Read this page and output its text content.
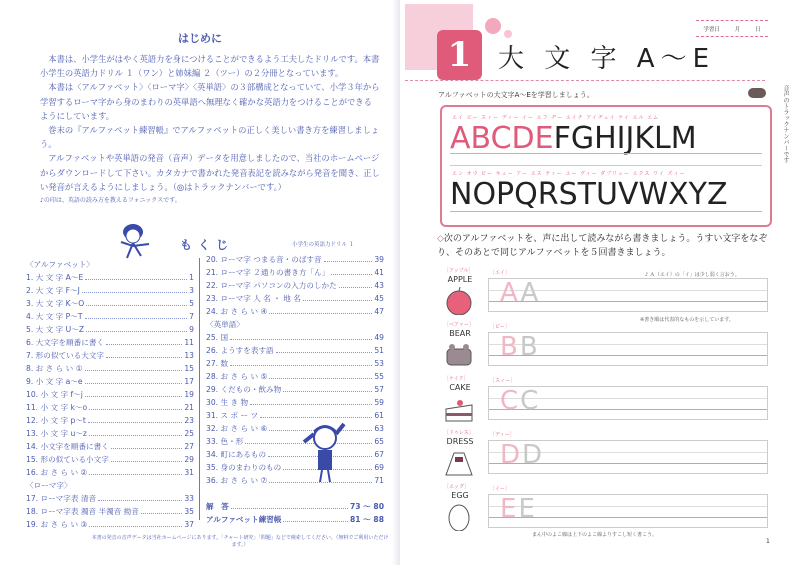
はじめに

本書は、小学生がはやく英語力を身につけることができるよう工夫したドリルです。本書 小学生の英語力ドリル １（ワン）と姉妹編 ２（ツー）の２分冊となっています。

本書は〈アルファベット〉〈ローマ字〉〈英単語〉の３部構成となっていて、小学３年から学習するローマ字から身のまわりの英単語へ無理なく確かな英語力をつけることができるようにしています。

巻末の『アルファベット練習帳』でアルファベットの正しく美しい書き方を練習しましょう。

アルファベットや英単語の発音（音声）データを用意しましたので、当社のホームページからダウンロードして下さい。カタカナで書かれた発音表記を読みながら発音を聞き、正しい発音が言えるようにしましょう。（◎はトラックナンバーです。）

♪の印は、英語の読み方を教えるフォニックスです。

もくじ	小学生の英語力ドリル １
〈アルファベット〉
1. 大 文 字 A～E	1
2. 大 文 字 F～J	3
3. 大 文 字 K～O	5
4. 大 文 字 P～T	7
5. 大 文 字 U～Z	9
6. 大文字を順番に書く	11
7. 形の似ている大文字	13
8. お さ ら い ①	15
9. 小 文 字 a～e	17
10. 小 文 字 f～j	19
11. 小 文 字 k～o	21
12. 小 文 字 p～t	23
13. 小 文 字 u～z	25
14. 小文字を順番に書く	27
15. 形の似ている小文字	29
16. お さ ら い ②	31
〈ローマ字〉
17. ローマ字表 清音	33
18. ローマ字表 濁音 半濁音 拗音	35
19. お さ ら い ③	37
20. ローマ字 つまる音・のばす音	39
21. ローマ字 ２通りの書き方「ん」	41
22. ローマ字 パソコンの入力のしかた	43
23. ローマ字 人 名 ・ 地 名	45
24. お さ ら い ④	47
〈英単語〉
25. 国	49
26. ようすを表す語	51
27. 数	53
28. お さ ら い ⑤	55
29. くだもの・飲み物	57
30. 生 き 物	59
31. ス ポ ー ツ	61
32. お さ ら い ⑥	63
33. 色・形	65
34. 町にあるもの	67
35. 身のまわりのもの	69
36. お さ ら い ⑦	71

解　答	73 ～ 80
アルファベット練習帳	81 ～ 88
本書の発音の音声データは当社ホームページにあります。「チャート研究」「問題」などで検索してください。（無料でご利用いただけます。）
1	大 文 字 A～E
学習日	月	日
アルファベットの大文字A～Eを学習しましょう。	音声のトラックナンバーです
エイ ビー スィー ディー イー エフ ヂー エイチ アイヂェイ ケイ エル エム
ABCDEFGHIJKLM
エン オウ ピー キュー アー エス ティー ユー ヴィー ダブリュー エクス ワイ ズィー
NOPQRSTUVWXYZ
◇次のアルファベットを、声に出して読みながら書きましょう。うすい文字をなぞり、そのあとで同じアルファベットを５回書きましょう。
［アップル］
APPLE
［エイ］
AA
［ベアァー］
BEAR
［ビー］
BB
［ケイク］
CAKE
［スィー］
CC
［ドゥレス］
DRESS
［ディー］
DD
［エッグ］
EGG
［イー］
EE
♪ Ａ（エイ）の「イ」は少し弱く言おう。
※書き順は代表的なものを示しています。
まん中のよこ線は上下のよこ線よりすこし短く書こう。
1
